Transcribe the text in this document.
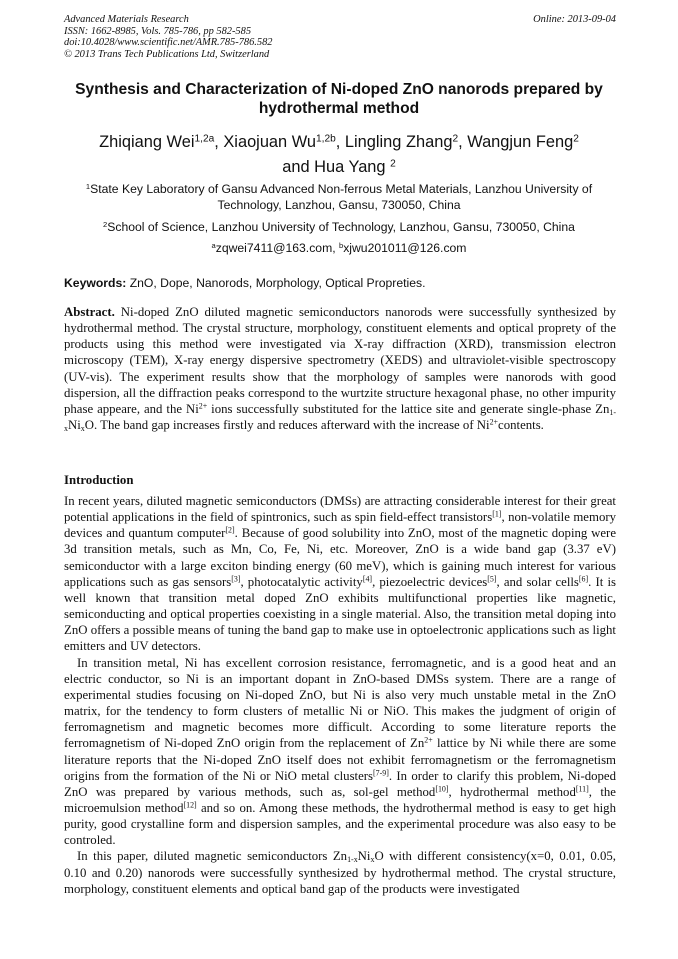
Advanced Materials Research
ISSN: 1662-8985, Vols. 785-786, pp 582-585
doi:10.4028/www.scientific.net/AMR.785-786.582
© 2013 Trans Tech Publications Ltd, Switzerland
Online: 2013-09-04
Synthesis and Characterization of Ni-doped ZnO nanorods prepared by hydrothermal method
Zhiqiang Wei$^{1,2a}$, Xiaojuan $Wu^{1,2b}$, Lingling Zhang$^2$, Wangjun Feng$^2$
and Hua Yang $^2$
$^1$State Key Laboratory of Gansu Advanced Non-ferrous Metal Materials, Lanzhou University of Technology, Lanzhou, Gansu, 730050, China
$^2$School of Science, Lanzhou University of Technology, Lanzhou, Gansu, 730050, China
$^a$zqwei7411@163.com, $^b$xjwu201011@126.com
Keywords: ZnO, Dope, Nanorods, Morphology, Optical Propreties.
Abstract. Ni-doped ZnO diluted magnetic semiconductors nanorods were successfully synthesized by hydrothermal method. The crystal structure, morphology, constituent elements and optical proprety of the products using this method were investigated via X-ray diffraction (XRD), transmission electron microscopy (TEM), X-ray energy dispersive spectrometry (XEDS) and ultraviolet-visible spectroscopy (UV-vis). The experiment results show that the morphology of samples were nanorods with good dispersion, all the diffraction peaks correspond to the wurtzite structure hexagonal phase, no other impurity phase appeare, and the $Ni^{2+}$ ions successfully substituted for the lattice site and generate single-phase $Zn_{1-x}Ni_xO$. The band gap increases firstly and reduces afterward with the increase of $Ni^{2+}contents$.
Introduction

In recent years, diluted magnetic semiconductors (DMSs) are attracting considerable interest for their great potential applications in the field of spintronics, such as spin field-effect transistors[1], non-volatile memory devices and quantum computer[2]. Because of good solubility into ZnO, most of the magnetic doping were 3d transition metals, such as Mn, Co, Fe, Ni, etc. Moreover, ZnO is a wide band gap (3.37 eV) semiconductor with a large exciton binding energy (60 meV), which is gaining much interest for various applications such as gas sensors[3], photocatalytic activity[4], piezoelectric devices[5], and solar cells[6]. It is well known that transition metal doped ZnO exhibits multifunctional properties like magnetic, semiconducting and optical properties coexisting in a single material. Also, the transition metal doping into ZnO offers a possible means of tuning the band gap to make use in optoelectronic applications such as light emitters and UV detectors.

In transition metal, Ni has excellent corrosion resistance, ferromagnetic, and is a good heat and an electric conductor, so Ni is an important dopant in ZnO-based DMSs system. There are a range of experimental studies focusing on Ni-doped ZnO, but Ni is also very much unstable metal in the ZnO matrix, for the tendency to form clusters of metallic Ni or NiO. This makes the judgment of origin of ferromagnetism and magnetic becomes more difficult. According to some literature reports the ferromagnetism of Ni-doped ZnO origin from the replacement of $Zn^{2+}$ lattice by Ni while there are some literature reports that the Ni-doped ZnO itself does not exhibit ferromagnetism or the ferromagnetism origins from the formation of the Ni or NiO metal clusters[7-9]. In order to clarify this problem, Ni-doped ZnO was prepared by various methods, such as, sol-gel method[10], hydrothermal method[11], the microemulsion method[12] and so on. Among these methods, the hydrothermal method is easy to get high purity, good crystalline form and dispersion samples, and the experimental procedure was also easy to be controled.

In this paper, diluted magnetic semiconductors $Zn_{1-x}Ni_xO$ with different consistency(x=0, 0.01, 0.05, 0.10 and 0.20) nanorods were successfully synthesized by hydrothermal method. The crystal structure, morphology, constituent elements and optical band gap of the products were investigated
